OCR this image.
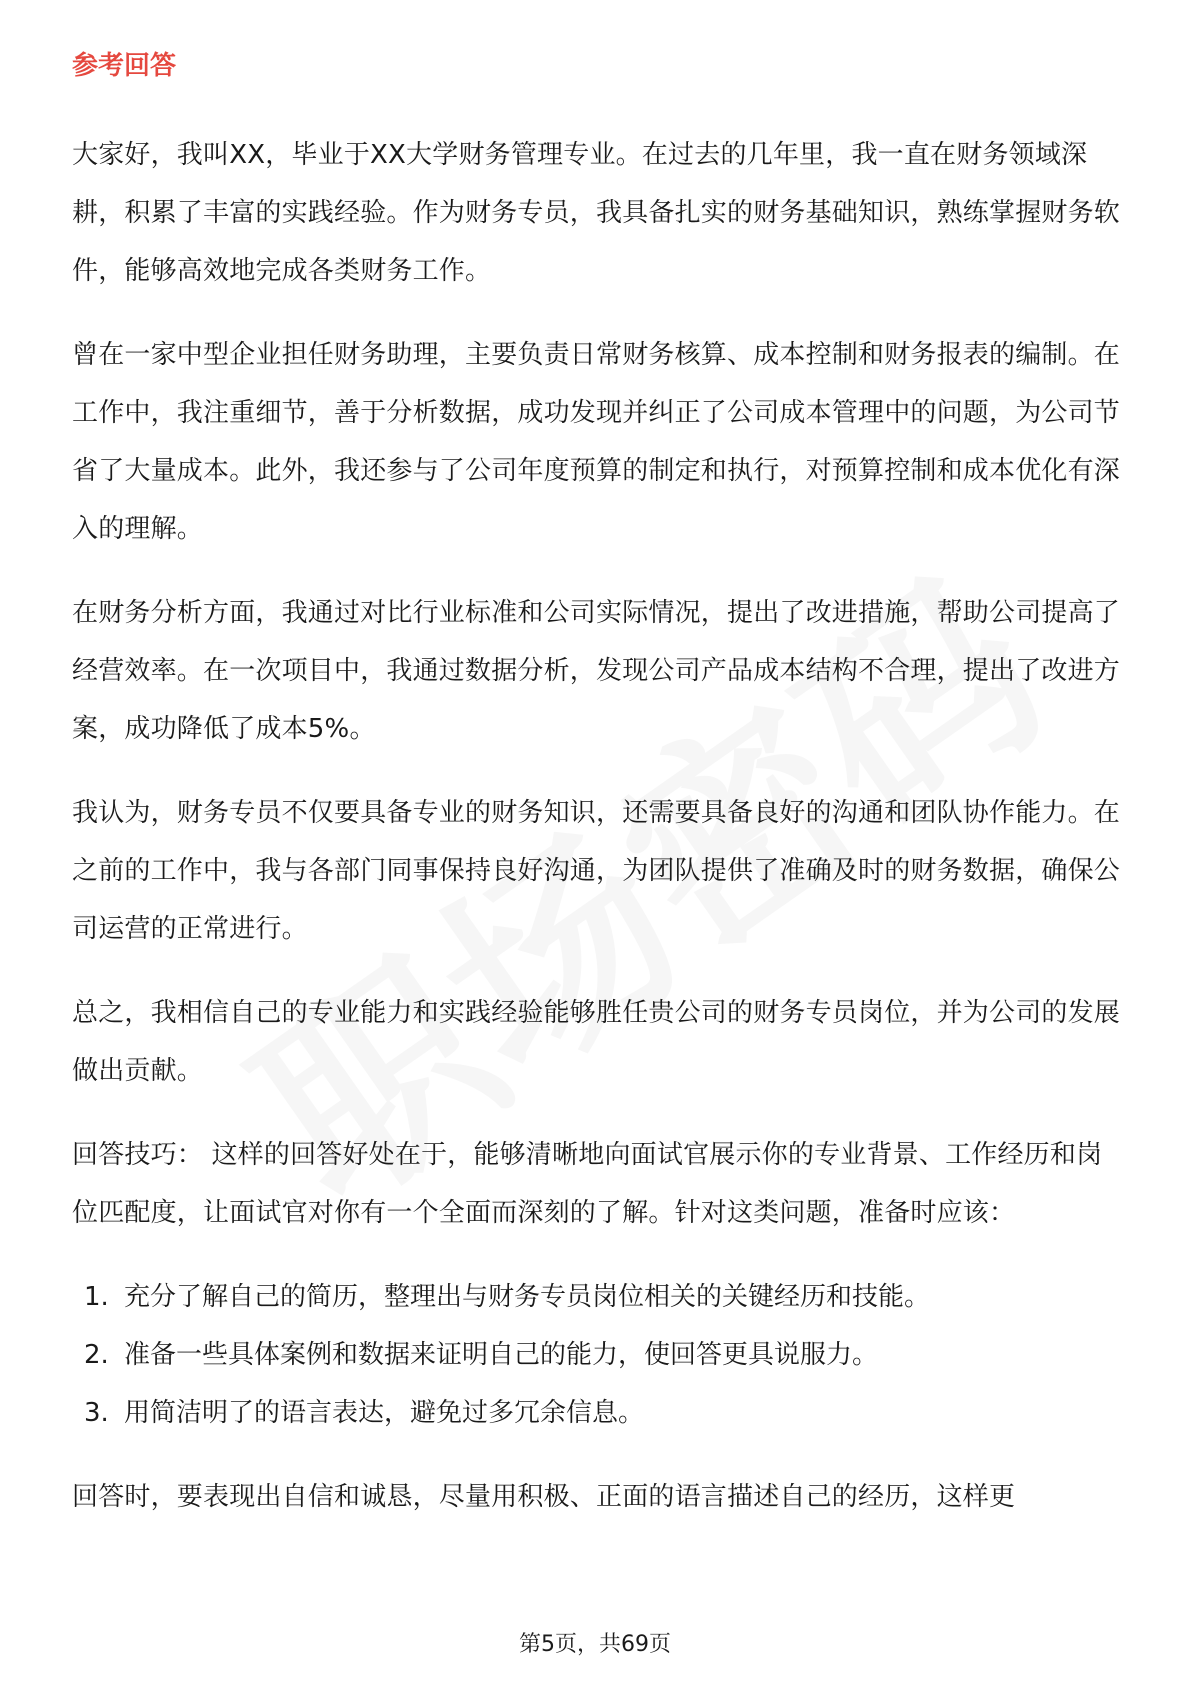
参考回答

大家好，我叫XX，毕业于XX大学财务管理专业。在过去的几年里，我一直在财务领域深耕，积累了丰富的实践经验。作为财务专员，我具备扎实的财务基础知识，熟练掌握财务软件，能够高效地完成各类财务工作。

曾在一家中型企业担任财务助理，主要负责日常财务核算、成本控制和财务报表的编制。在工作中，我注重细节，善于分析数据，成功发现并纠正了公司成本管理中的问题，为公司节省了大量成本。此外，我还参与了公司年度预算的制定和执行，对预算控制和成本优化有深入的理解。

在财务分析方面，我通过对比行业标准和公司实际情况，提出了改进措施，帮助公司提高了经营效率。在一次项目中，我通过数据分析，发现公司产品成本结构不合理，提出了改进方案，成功降低了成本5%。

我认为，财务专员不仅要具备专业的财务知识，还需要具备良好的沟通和团队协作能力。在之前的工作中，我与各部门同事保持良好沟通，为团队提供了准确及时的财务数据，确保公司运营的正常进行。

总之，我相信自己的专业能力和实践经验能够胜任贵公司的财务专员岗位，并为公司的发展做出贡献。

回答技巧： 这样的回答好处在于，能够清晰地向面试官展示你的专业背景、工作经历和岗位匹配度，让面试官对你有一个全面而深刻的了解。针对这类问题，准备时应该：

1. 充分了解自己的简历，整理出与财务专员岗位相关的关键经历和技能。
2. 准备一些具体案例和数据来证明自己的能力，使回答更具说服力。
3. 用简洁明了的语言表达，避免过多冗余信息。

回答时，要表现出自信和诚恳，尽量用积极、正面的语言描述自己的经历，这样更

第5页，共69页
